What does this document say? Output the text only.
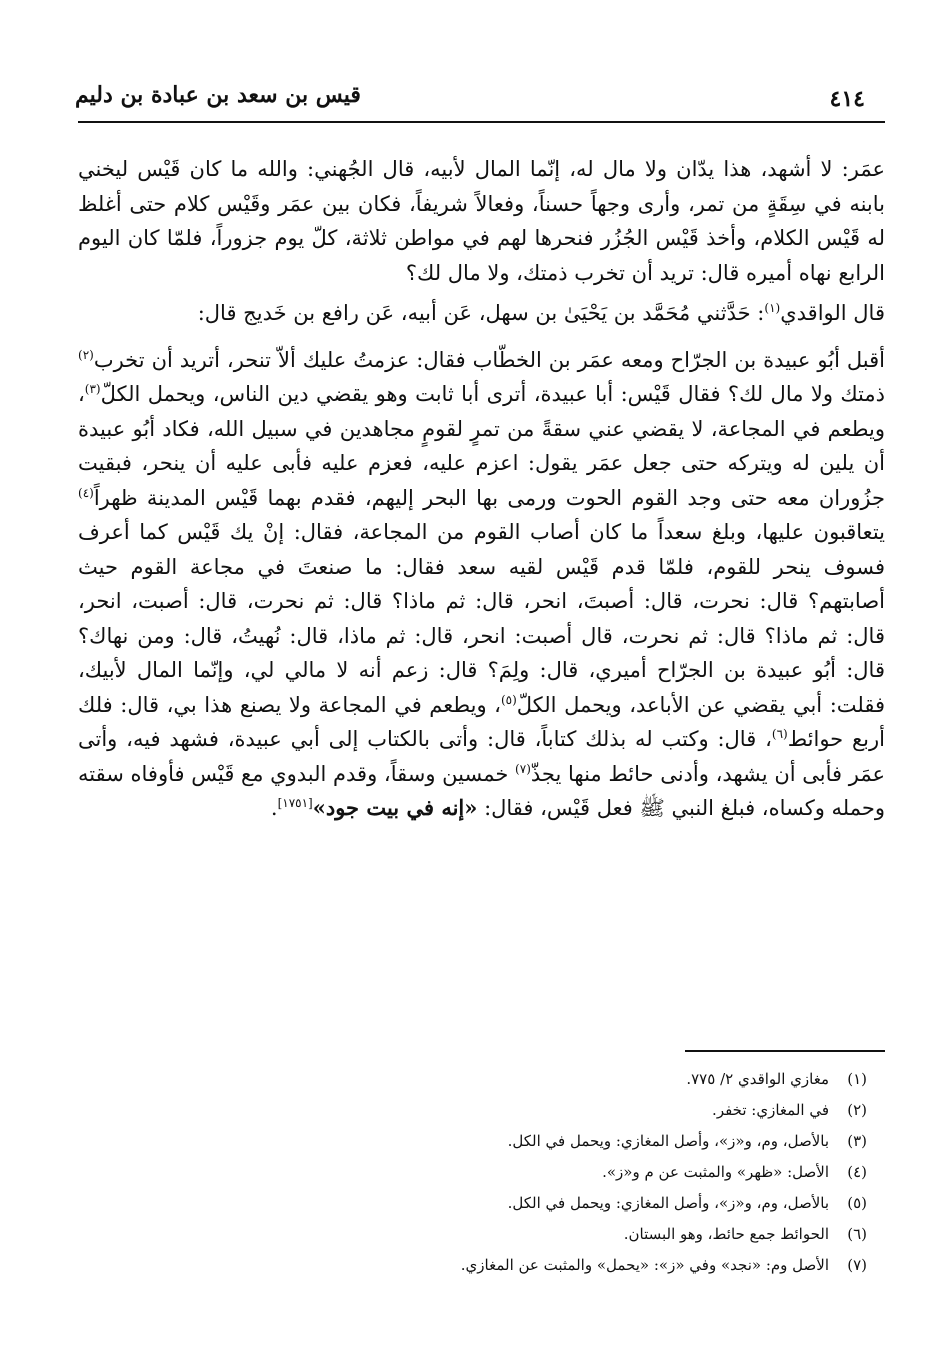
قيس بن سعد بن عبادة بن دليم	٤١٤

عمَر: لا أشهد، هذا يدّان ولا مال له، إنّما المال لأبيه، قال الجُهني: والله ما كان قَيْس ليخني بابنه في سِقَةٍ من تمر، وأرى وجهاً حسناً، وفعالاً شريفاً، فكان بين عمَر وقَيْس كلام حتى أغلظ له قَيْس الكلام، وأخذ قَيْس الجُزُر فنحرها لهم في مواطن ثلاثة، كلّ يوم جزوراً، فلمّا كان اليوم الرابع نهاه أميره قال: تريد أن تخرب ذمتك، ولا مال لك؟

قال الواقدي$^{(١)}$: حَدَّثني مُحَمَّد بن يَحْيَىٰ بن سهل، عَن أبيه، عَن رافع بن خَديج قال:

أقبل أبُو عبيدة بن الجرّاح ومعه عمَر بن الخطّاب فقال: عزمتُ عليك ألاّ تنحر، أتريد أن تخرب$^{(٢)}$ ذمتك ولا مال لك؟ فقال قَيْس: أبا عبيدة، أترى أبا ثابت وهو يقضي دين الناس، ويحمل الكلّ$^{(٣)}$، ويطعم في المجاعة، لا يقضي عني سقةً من تمرٍ لقومٍ مجاهدين في سبيل الله، فكاد أبُو عبيدة أن يلين له ويتركه حتى جعل عمَر يقول: اعزم عليه، فعزم عليه فأبى عليه أن ينحر، فبقيت جزُوران معه حتى وجد القوم الحوت ورمى بها البحر إليهم، فقدم بهما قَيْس المدينة ظهراً$^{(٤)}$ يتعاقبون عليها، وبلغ سعداً ما كان أصاب القوم من المجاعة، فقال: إنْ يك قَيْس كما أعرف فسوف ينحر للقوم، فلمّا قدم قَيْس لقيه سعد فقال: ما صنعتَ في مجاعة القوم حيث أصابتهم؟ قال: نحرت، قال: أصبتَ، انحر، قال: ثم ماذا؟ قال: ثم نحرت، قال: أصبت، انحر، قال: ثم ماذا؟ قال: ثم نحرت، قال أصبت: انحر، قال: ثم ماذا، قال: نُهيتُ، قال: ومن نهاك؟ قال: أبُو عبيدة بن الجرّاح أميري، قال: ولِمَ؟ قال: زعم أنه لا مالي لي، وإنّما المال لأبيك، فقلت: أبي يقضي عن الأباعد، ويحمل الكلّ$^{(٥)}$، ويطعم في المجاعة ولا يصنع هذا بي، قال: فلك أربع حوائط$^{(٦)}$، قال: وكتب له بذلك كتاباً، قال: وأتى بالكتاب إلى أبي عبيدة، فشهد فيه، وأتى عمَر فأبى أن يشهد، وأدنى حائط منها يجذّ$^{(٧)}$ خمسين وسقاً، وقدم البدوي مع قَيْس فأوفاه سقته وحمله وكساه، فبلغ النبي ﷺ فعل قَيْس، فقال: «إنه في بيت جود»[١٧٥١].

(١)مغازي الواقدي ٢/ ٧٧٥.
(٢)في المغازي: تخفر.
(٣)بالأصل، وم، و«ز»، وأصل المغازي: ويحمل في الكل.
(٤)الأصل: «ظهر» والمثبت عن م و«ز».
(٥)بالأصل، وم، و«ز»، وأصل المغازي: ويحمل في الكل.
(٦)الحوائط جمع حائط، وهو البستان.
(٧)الأصل وم: «نجد» وفي «ز»: «يحمل» والمثبت عن المغازي.
